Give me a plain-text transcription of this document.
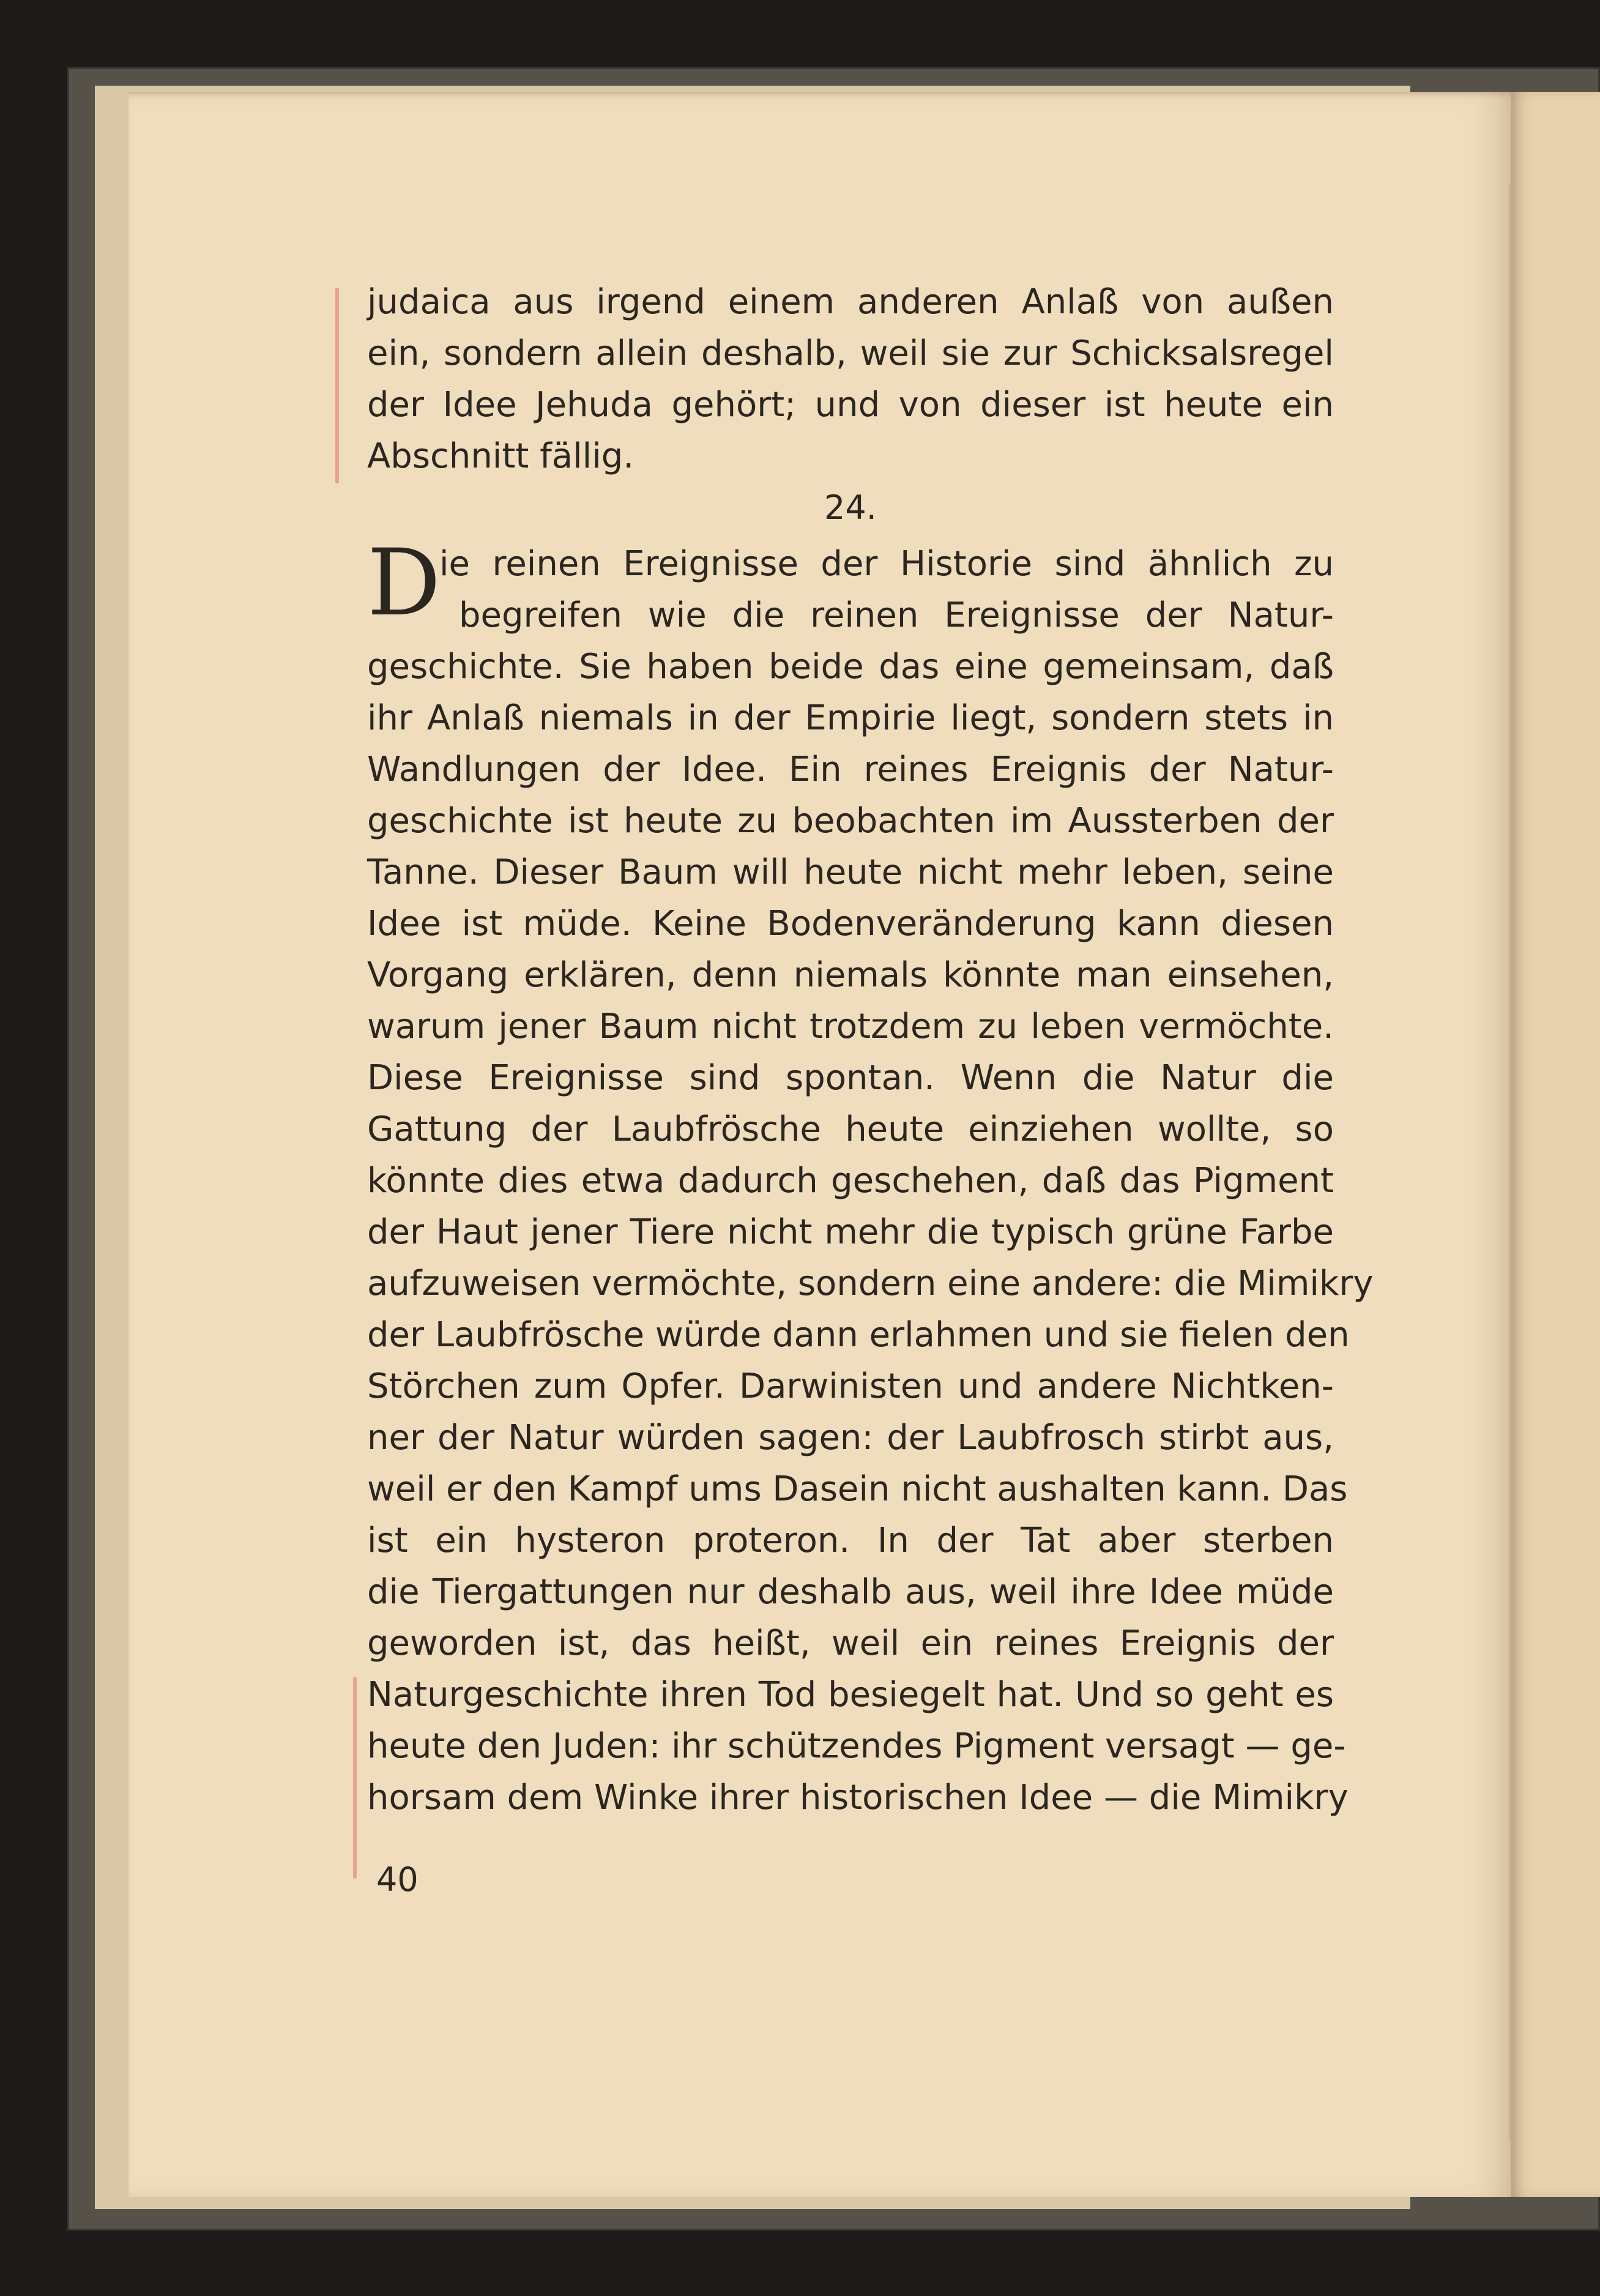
judaica aus irgend einem anderen Anlaß von außen
ein, sondern allein deshalb, weil sie zur Schicksalsregel
der Idee Jehuda gehört; und von dieser ist heute ein
Abschnitt fällig.
24.
D
ie reinen Ereignisse der Historie sind ähnlich zu
begreifen wie die reinen Ereignisse der Natur-
geschichte. Sie haben beide das eine gemeinsam, daß
ihr Anlaß niemals in der Empirie liegt, sondern stets in
Wandlungen der Idee. Ein reines Ereignis der Natur-
geschichte ist heute zu beobachten im Aussterben der
Tanne. Dieser Baum will heute nicht mehr leben, seine
Idee ist müde. Keine Bodenveränderung kann diesen
Vorgang erklären, denn niemals könnte man einsehen,
warum jener Baum nicht trotzdem zu leben vermöchte.
Diese Ereignisse sind spontan. Wenn die Natur die
Gattung der Laubfrösche heute einziehen wollte, so
könnte dies etwa dadurch geschehen, daß das Pigment
der Haut jener Tiere nicht mehr die typisch grüne Farbe
aufzuweisen vermöchte, sondern eine andere: die Mimikry
der Laubfrösche würde dann erlahmen und sie fielen den
Störchen zum Opfer. Darwinisten und andere Nichtken-
ner der Natur würden sagen: der Laubfrosch stirbt aus,
weil er den Kampf ums Dasein nicht aushalten kann. Das
ist ein hysteron proteron. In der Tat aber sterben
die Tiergattungen nur deshalb aus, weil ihre Idee müde
geworden ist, das heißt, weil ein reines Ereignis der
Naturgeschichte ihren Tod besiegelt hat. Und so geht es
heute den Juden: ihr schützendes Pigment versagt — ge-
horsam dem Winke ihrer historischen Idee — die Mimikry
40
